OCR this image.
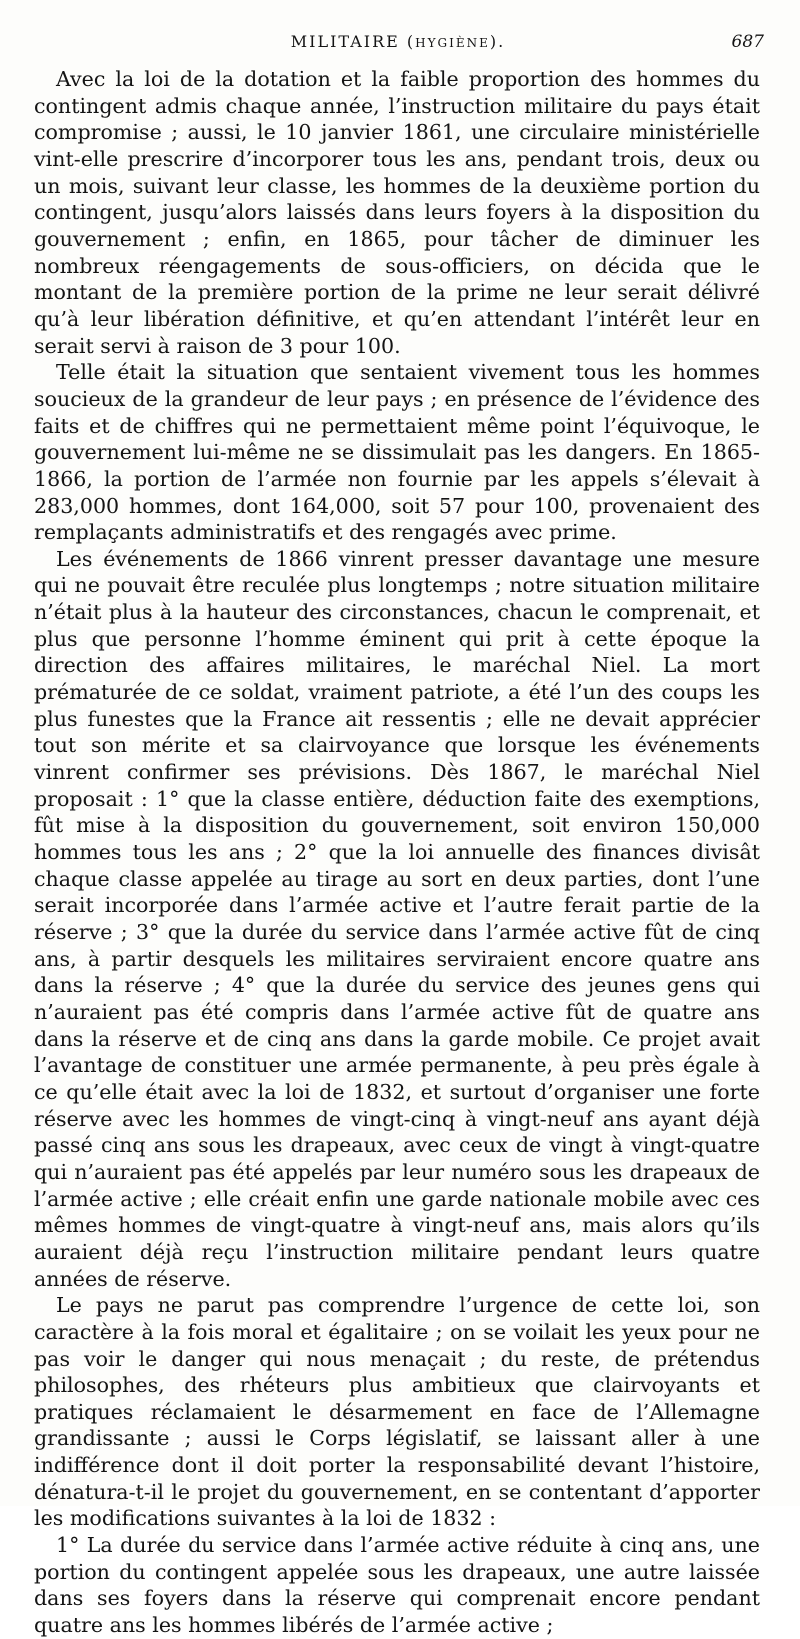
MILITAIRE (HYGIÈNE).	687

Avec la loi de la dotation et la faible proportion des hommes du contingent admis chaque année, l’instruction militaire du pays était compromise ; aussi, le 10 janvier 1861, une circulaire ministérielle vint-elle prescrire d’incorporer tous les ans, pendant trois, deux ou un mois, suivant leur classe, les hommes de la deuxième portion du contingent, jusqu’alors laissés dans leurs foyers à la disposition du gouvernement ; enfin, en 1865, pour tâcher de diminuer les nombreux réengagements de sous-officiers, on décida que le montant de la première portion de la prime ne leur serait délivré qu’à leur libération définitive, et qu’en attendant l’intérêt leur en serait servi à raison de 3 pour 100.

Telle était la situation que sentaient vivement tous les hommes soucieux de la grandeur de leur pays ; en présence de l’évidence des faits et de chiffres qui ne permettaient même point l’équivoque, le gouvernement lui-même ne se dissimulait pas les dangers. En 1865-1866, la portion de l’armée non fournie par les appels s’élevait à 283,000 hommes, dont 164,000, soit 57 pour 100, provenaient des remplaçants administratifs et des rengagés avec prime.

Les événements de 1866 vinrent presser davantage une mesure qui ne pouvait être reculée plus longtemps ; notre situation militaire n’était plus à la hauteur des circonstances, chacun le comprenait, et plus que personne l’homme éminent qui prit à cette époque la direction des affaires militaires, le maréchal Niel. La mort prématurée de ce soldat, vraiment patriote, a été l’un des coups les plus funestes que la France ait ressentis ; elle ne devait apprécier tout son mérite et sa clairvoyance que lorsque les événements vinrent confirmer ses prévisions. Dès 1867, le maréchal Niel proposait : 1° que la classe entière, déduction faite des exemptions, fût mise à la disposition du gouvernement, soit environ 150,000 hommes tous les ans ; 2° que la loi annuelle des finances divisât chaque classe appelée au tirage au sort en deux parties, dont l’une serait incorporée dans l’armée active et l’autre ferait partie de la réserve ; 3° que la durée du service dans l’armée active fût de cinq ans, à partir desquels les militaires serviraient encore quatre ans dans la réserve ; 4° que la durée du service des jeunes gens qui n’auraient pas été compris dans l’armée active fût de quatre ans dans la réserve et de cinq ans dans la garde mobile. Ce projet avait l’avantage de constituer une armée permanente, à peu près égale à ce qu’elle était avec la loi de 1832, et surtout d’organiser une forte réserve avec les hommes de vingt-cinq à vingt-neuf ans ayant déjà passé cinq ans sous les drapeaux, avec ceux de vingt à vingt-quatre qui n’auraient pas été appelés par leur numéro sous les drapeaux de l’armée active ; elle créait enfin une garde nationale mobile avec ces mêmes hommes de vingt-quatre à vingt-neuf ans, mais alors qu’ils auraient déjà reçu l’instruction militaire pendant leurs quatre années de réserve.

Le pays ne parut pas comprendre l’urgence de cette loi, son caractère à la fois moral et égalitaire ; on se voilait les yeux pour ne pas voir le danger qui nous menaçait ; du reste, de prétendus philosophes, des rhéteurs plus ambitieux que clairvoyants et pratiques réclamaient le désarmement en face de l’Allemagne grandissante ; aussi le Corps législatif, se laissant aller à une indifférence dont il doit porter la responsabilité devant l’histoire, dénatura-t-il le projet du gouvernement, en se contentant d’apporter les modifications suivantes à la loi de 1832 :

1° La durée du service dans l’armée active réduite à cinq ans, une portion du contingent appelée sous les drapeaux, une autre laissée dans ses foyers dans la réserve qui comprenait encore pendant quatre ans les hommes libérés de l’armée active ;
